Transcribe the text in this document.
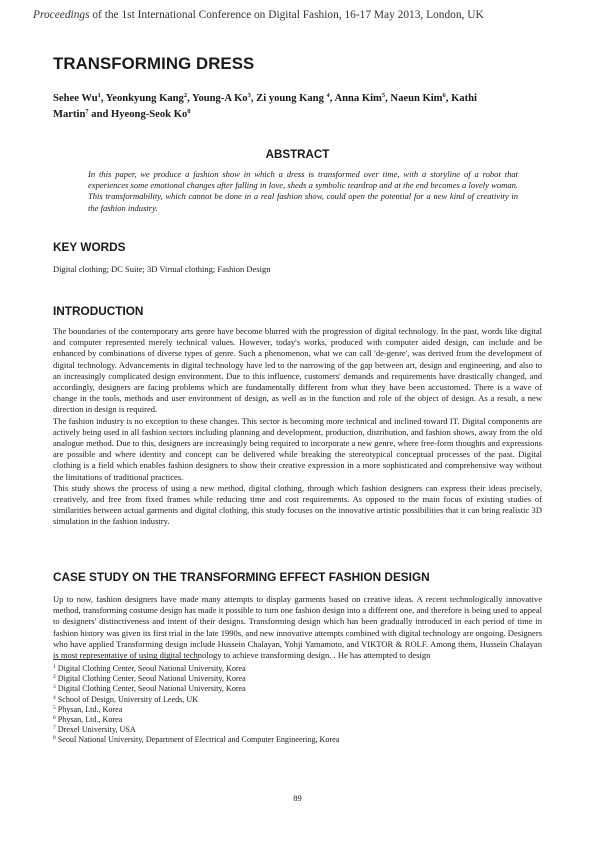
Proceedings of the 1st International Conference on Digital Fashion, 16-17 May 2013, London, UK
TRANSFORMING DRESS
Sehee Wu$^1$, Yeonkyung Kang$^2$, Young-A Ko$^3$, Zi young Kang $^4$, Anna Kim$^5$, Naeun Kim$^6$, Kathi
Martin$^7$ and Hyeong-Seok Ko$^8$
ABSTRACT
In this paper, we produce a fashion show in which a dress is transformed over time, with a storyline of a robot that experiences some emotional changes after falling in love, sheds a symbolic teardrop and at the end becomes a lovely woman. This transformability, which cannot be done in a real fashion show, could open the potential for a new kind of creativity in the fashion industry.
KEY WORDS
Digital clothing; DC Suite; 3D Virtual clothing; Fashion Design
INTRODUCTION

The boundaries of the contemporary arts genre have become blurred with the progression of digital technology. In the past, words like digital and computer represented merely technical values. However, today's works, produced with computer aided design, can include and be enhanced by combinations of diverse types of genre. Such a phenomenon, what we can call 'de-genre', was derived from the development of digital technology. Advancements in digital technology have led to the narrowing of the gap between art, design and engineering, and also to an increasingly complicated design environment. Due to this influence, customers' demands and requirements have drastically changed, and accordingly, designers are facing problems which are fundamentally different from what they have been accustomed. There is a wave of change in the tools, methods and user environment of design, as well as in the function and role of the object of design. As a result, a new direction in design is required.

The fashion industry is no exception to these changes. This sector is becoming more technical and inclined toward IT. Digital components are actively being used in all fashion sectors including planning and development, production, distribution, and fashion shows, away from the old analogue method. Due to this, designers are increasingly being required to incorporate a new genre, where free-form thoughts and expressions are possible and where identity and concept can be delivered while breaking the stereotypical conceptual processes of the past. Digital clothing is a field which enables fashion designers to show their creative expression in a more sophisticated and comprehensive way without the limitations of traditional practices.

This study shows the process of using a new method, digital clothing, through which fashion designers can express their ideas precisely, creatively, and free from fixed frames while reducing time and cost requirements. As opposed to the main focus of existing studies of similarities between actual garments and digital clothing, this study focuses on the innovative artistic possibilities that it can bring realistic 3D simulation in the fashion industry.

CASE STUDY ON THE TRANSFORMING EFFECT FASHION DESIGN

Up to now, fashion designers have made many attempts to display garments based on creative ideas. A recent technologically innovative method, transforming costume design has made it possible to turn one fashion design into a different one, and therefore is being used to appeal to designers' distinctiveness and intent of their designs. Transforming design which has been gradually introduced in each period of time in fashion history was given its first trial in the late 1990s, and new innovative attempts combined with digital technology are ongoing. Designers who have applied Transforming design include Hussein Chalayan, Yohji Yamamoto, and VIKTOR & ROLF. Among them, Hussein Chalayan is most representative of using digital technology to achieve transforming design. . He has attempted to design

$^1$ Digital Clothing Center, Seoul National University, Korea
$^2$ Digital Clothing Center, Seoul National University, Korea
$^3$ Digital Clothing Center, Seoul National University, Korea
$^4$ School of Design, University of Leeds, UK
$^5$ Physan, Ltd., Korea
$^6$ Physan, Ltd., Korea
$^7$ Drexel University, USA
$^8$ Seoul National University, Department of Electrical and Computer Engineering, Korea
89
